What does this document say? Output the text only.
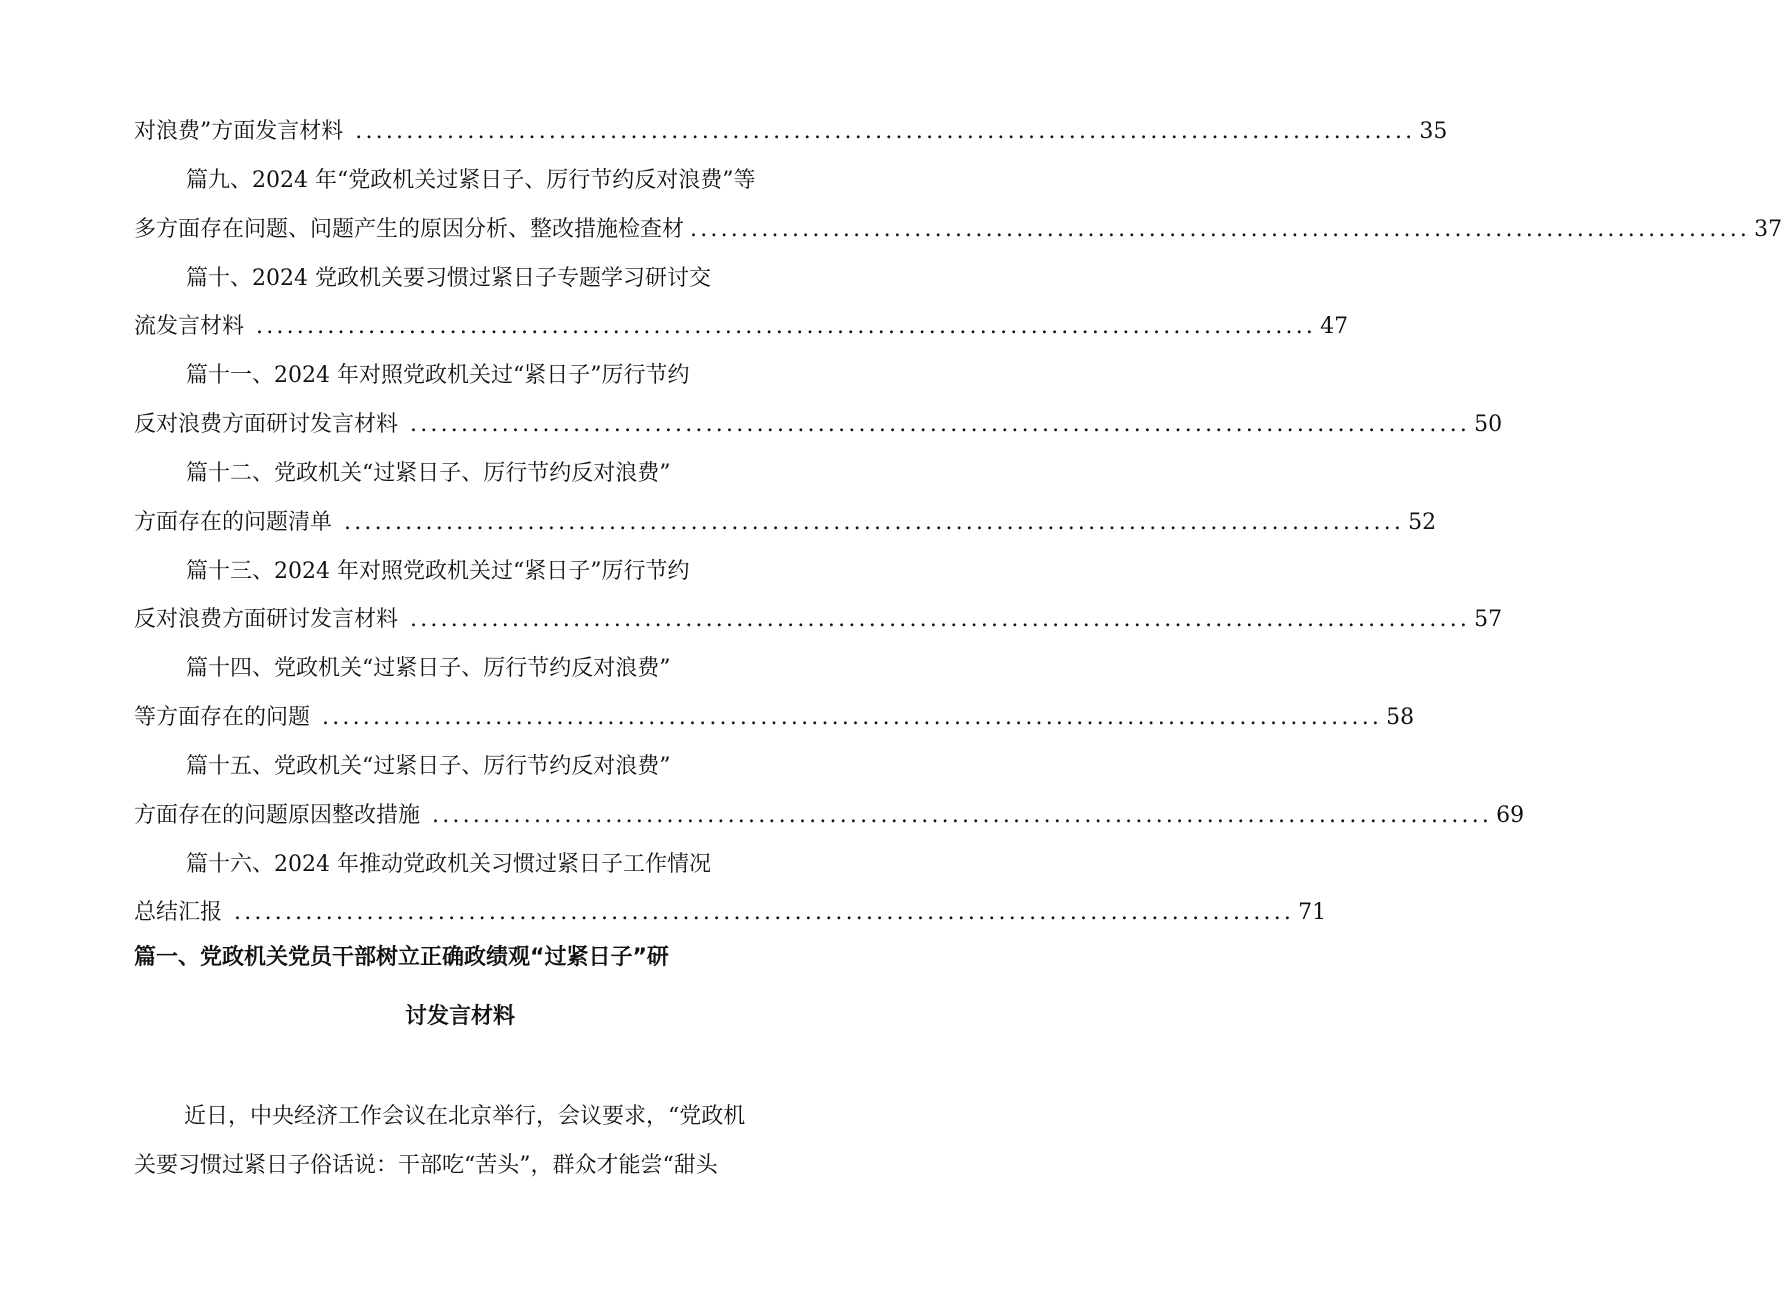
对浪费”方面发言材料 ........................................................................................................ 35
篇九、2024 年“党政机关过紧日子、厉行节约反对浪费”等
多方面存在问题、问题产生的原因分析、整改措施检查材 ........................................................................................................ 37
篇十、2024 党政机关要习惯过紧日子专题学习研讨交
流发言材料 ........................................................................................................ 47
篇十一、2024 年对照党政机关过“紧日子”厉行节约
反对浪费方面研讨发言材料 ........................................................................................................ 50
篇十二、党政机关“过紧日子、厉行节约反对浪费”
方面存在的问题清单 ........................................................................................................ 52
篇十三、2024 年对照党政机关过“紧日子”厉行节约
反对浪费方面研讨发言材料 ........................................................................................................ 57
篇十四、党政机关“过紧日子、厉行节约反对浪费”
等方面存在的问题 ........................................................................................................ 58
篇十五、党政机关“过紧日子、厉行节约反对浪费”
方面存在的问题原因整改措施 ........................................................................................................ 69
篇十六、2024 年推动党政机关习惯过紧日子工作情况
总结汇报 ........................................................................................................ 71
篇一、党政机关党员干部树立正确政绩观“过紧日子”研
讨发言材料
近日，中央经济工作会议在北京举行，会议要求，“党政机
关要习惯过紧日子俗话说：干部吃“苦头”，群众才能尝“甜头
